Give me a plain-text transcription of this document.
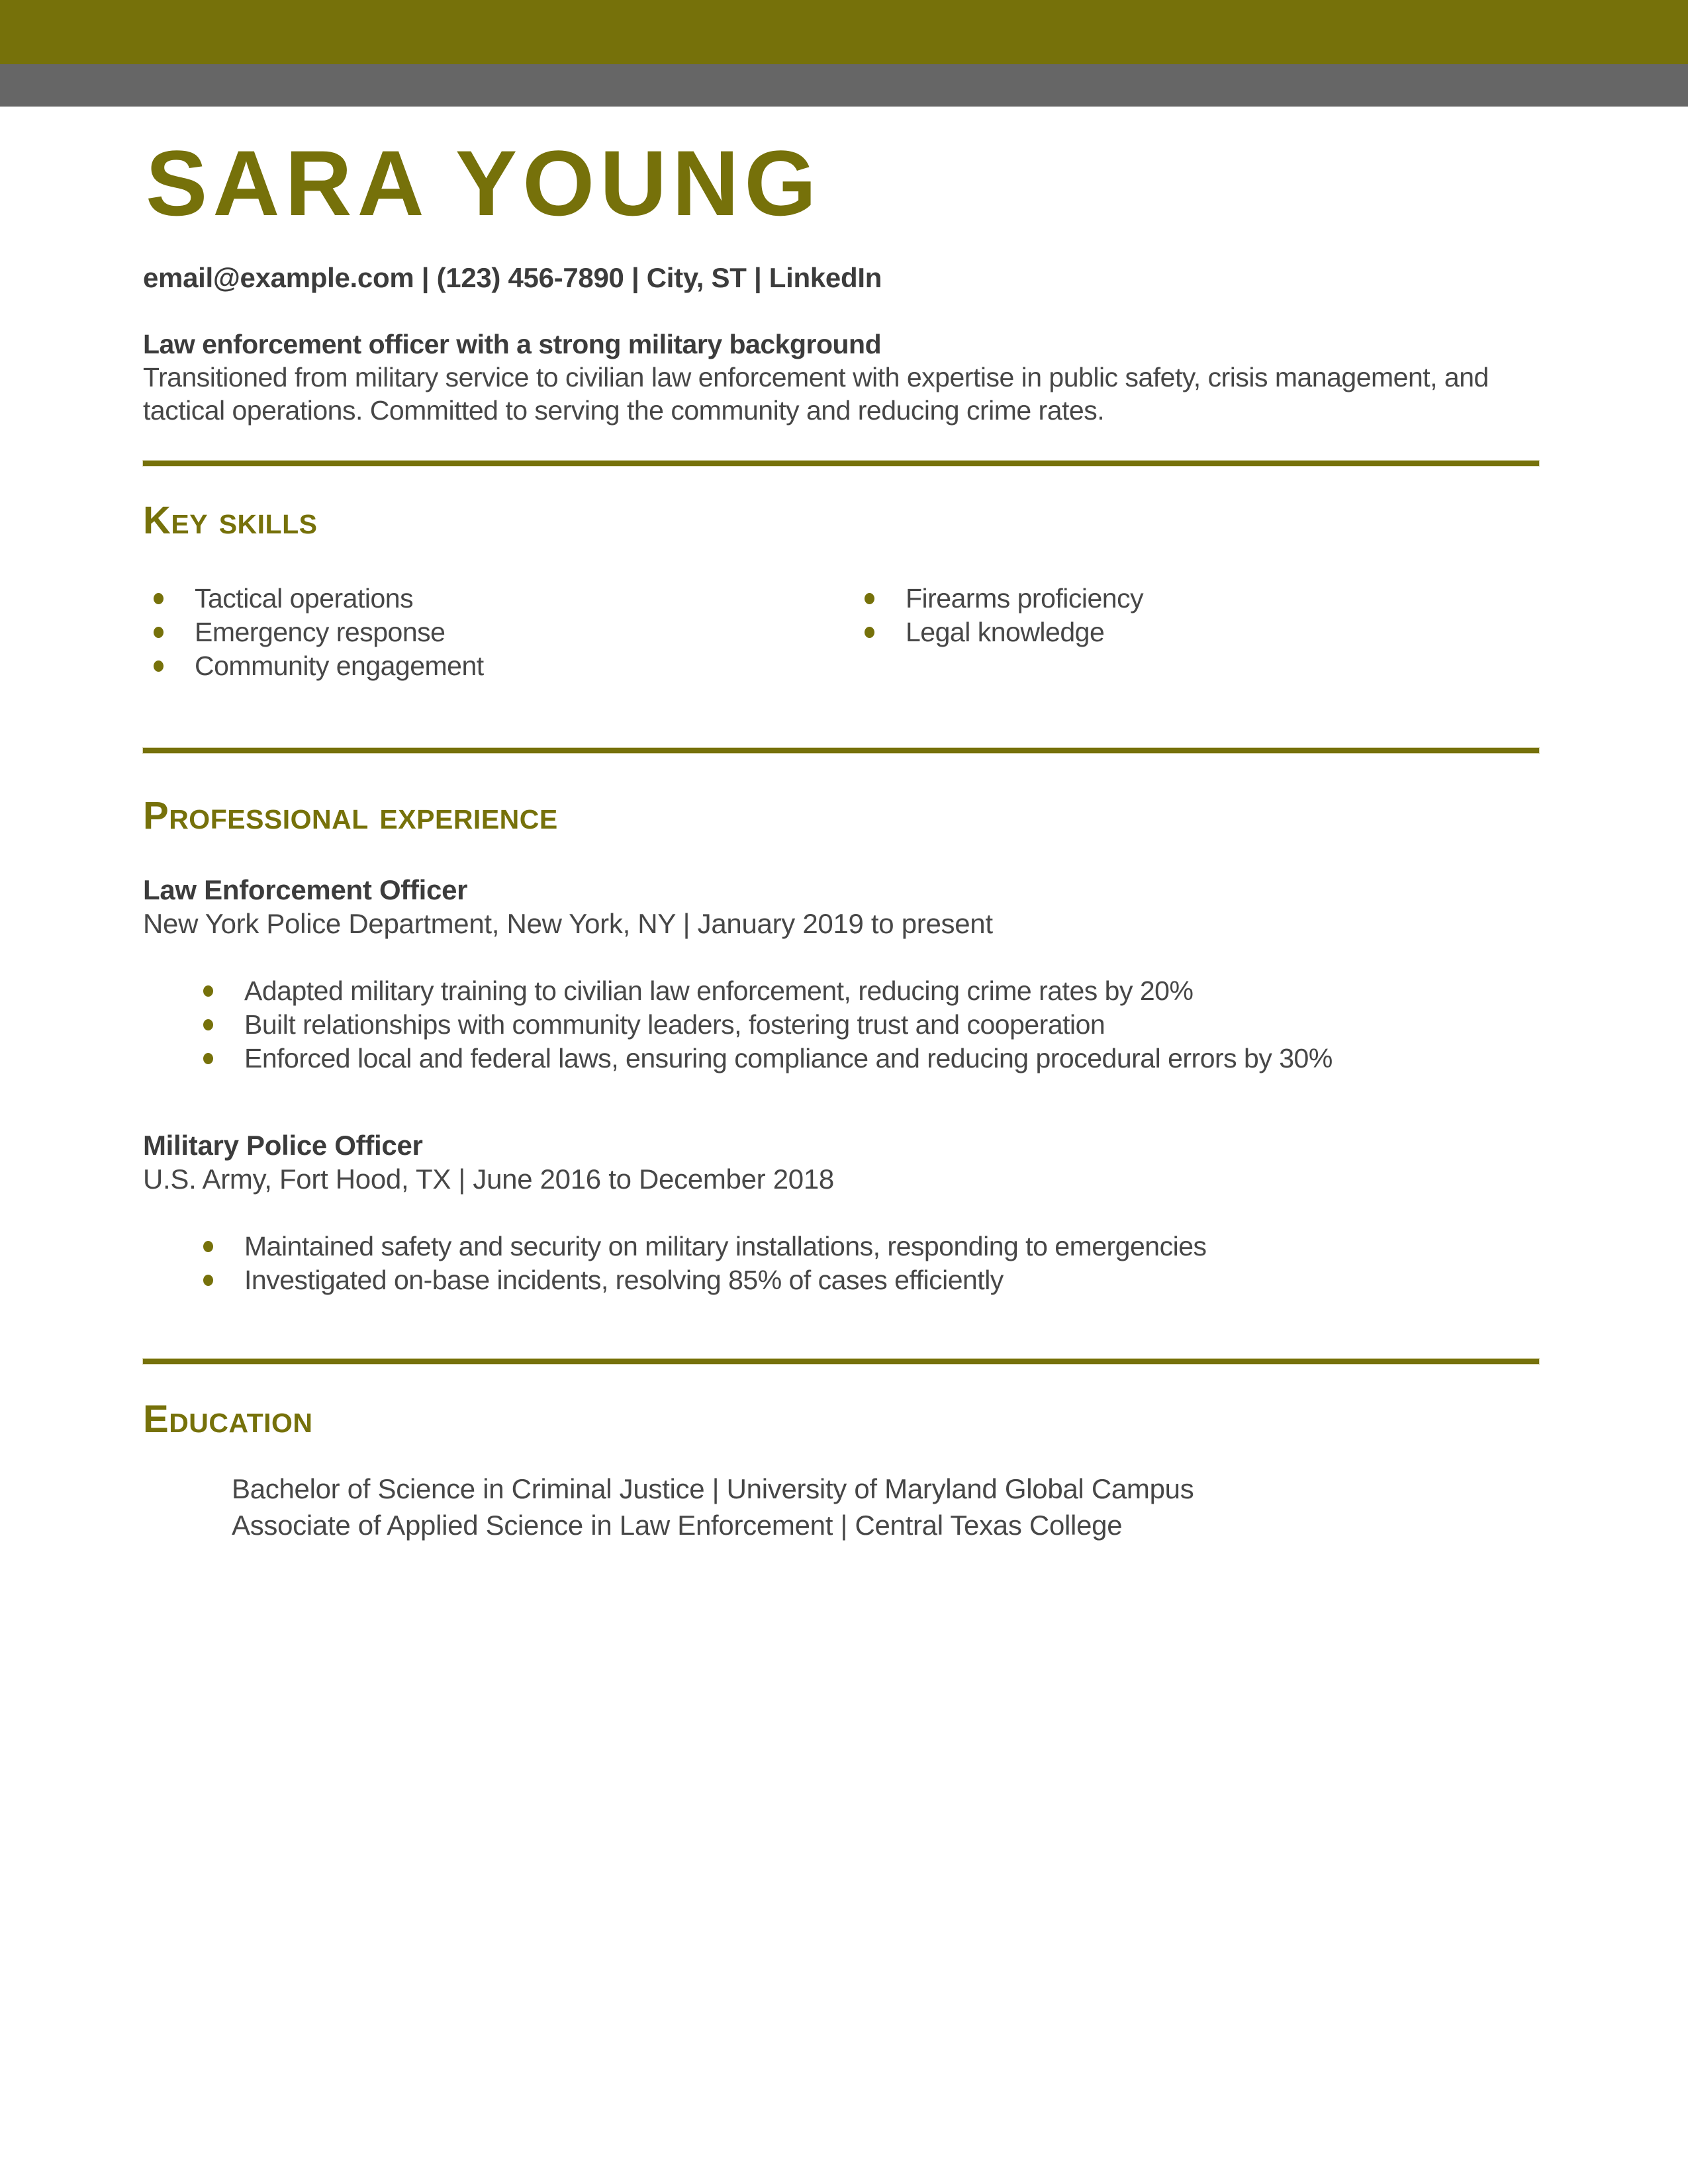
SARA YOUNG
email@example.com | (123) 456-7890 | City, ST | LinkedIn
Law enforcement officer with a strong military background
Transitioned from military service to civilian law enforcement with expertise in public safety, crisis management, and tactical operations. Committed to serving the community and reducing crime rates.
Key skills
Tactical operations
Emergency response
Community engagement
Firearms proficiency
Legal knowledge
Professional experience
Law Enforcement Officer
New York Police Department, New York, NY | January 2019 to present
Adapted military training to civilian law enforcement, reducing crime rates by 20%
Built relationships with community leaders, fostering trust and cooperation
Enforced local and federal laws, ensuring compliance and reducing procedural errors by 30%
Military Police Officer
U.S. Army, Fort Hood, TX | June 2016 to December 2018
Maintained safety and security on military installations, responding to emergencies
Investigated on-base incidents, resolving 85% of cases efficiently
Education
Bachelor of Science in Criminal Justice | University of Maryland Global Campus
Associate of Applied Science in Law Enforcement | Central Texas College
